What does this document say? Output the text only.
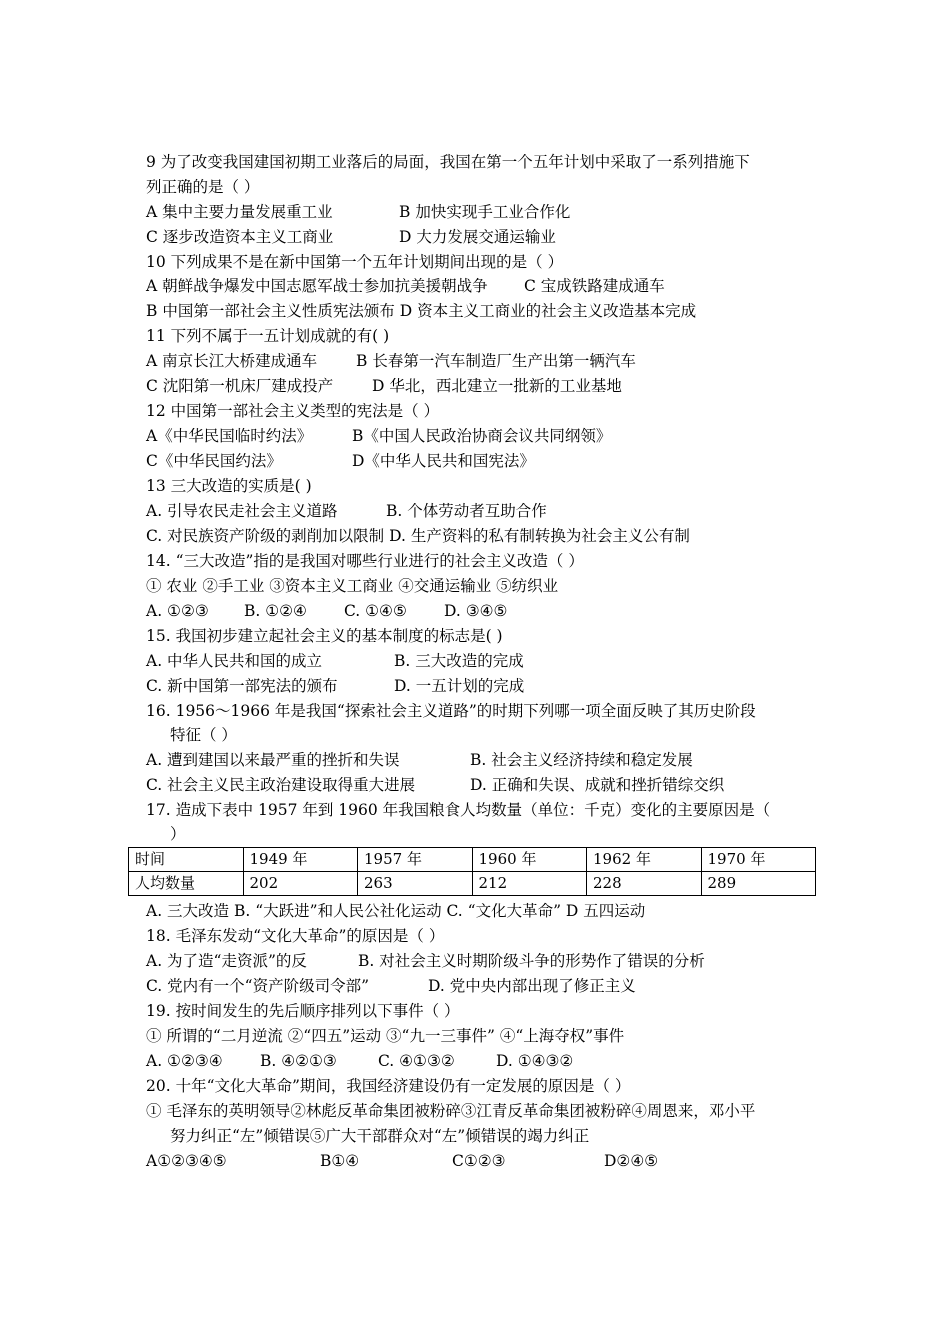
9 为了改变我国建国初期工业落后的局面，我国在第一个五年计划中采取了一系列措施下
列正确的是（ ）
A 集中主要力量发展重工业	B 加快实现手工业合作化
C 逐步改造资本主义工商业	D 大力发展交通运输业
10 下列成果不是在新中国第一个五年计划期间出现的是（ ）
A 朝鲜战争爆发中国志愿军战士参加抗美援朝战争 C 宝成铁路建成通车
B 中国第一部社会主义性质宪法颁布 D 资本主义工商业的社会主义改造基本完成
11 下列不属于一五计划成就的有( )
A 南京长江大桥建成通车	B 长春第一汽车制造厂生产出第一辆汽车
C 沈阳第一机床厂建成投产 D 华北，西北建立一批新的工业基地
12 中国第一部社会主义类型的宪法是（ ）
A《中华民国临时约法》	B《中国人民政治协商会议共同纲领》
C《中华民国约法》	D《中华人民共和国宪法》
13 三大改造的实质是( )
A. 引导农民走社会主义道路	B. 个体劳动者互助合作
C. 对民族资产阶级的剥削加以限制 D. 生产资料的私有制转换为社会主义公有制
14. “三大改造”指的是我国对哪些行业进行的社会主义改造（ ）
① 农业 ②手工业 ③资本主义工商业 ④交通运输业 ⑤纺织业
A. ①②③ B. ①②④ C. ①④⑤ D. ③④⑤
15. 我国初步建立起社会主义的基本制度的标志是( )
A. 中华人民共和国的成立	B. 三大改造的完成
C. 新中国第一部宪法的颁布	D. 一五计划的完成
16. 1956～1966 年是我国“探索社会主义道路”的时期下列哪一项全面反映了其历史阶段
特征（ ）
A. 遭到建国以来最严重的挫折和失误	B. 社会主义经济持续和稳定发展
C. 社会主义民主政治建设取得重大进展	D. 正确和失误、成就和挫折错综交织
17. 造成下表中 1957 年到 1960 年我国粮食人均数量（单位：千克）变化的主要原因是（
）
时间	1949 年	1957 年	1960 年	1962 年	1970 年
人均数量	202	263	212	228	289
A. 三大改造 B. “大跃进”和人民公社化运动 C. “文化大革命” D 五四运动
18. 毛泽东发动“文化大革命”的原因是（ ）
A. 为了造“走资派”的反	B. 对社会主义时期阶级斗争的形势作了错误的分析
C. 党内有一个“资产阶级司令部”	D. 党中央内部出现了修正主义
19. 按时间发生的先后顺序排列以下事件（ ）
① 所谓的“二月逆流 ②“四五”运动 ③“九一三事件” ④“上海夺权”事件
A. ①②③④ B. ④②①③	C. ④①③②	D. ①④③②
20. 十年“文化大革命”期间，我国经济建设仍有一定发展的原因是（ ）
① 毛泽东的英明领导②林彪反革命集团被粉碎③江青反革命集团被粉碎④周恩来，邓小平
努力纠正“左”倾错误⑤广大干部群众对“左”倾错误的竭力纠正
A①②③④⑤	B①④	C①②③	D②④⑤
